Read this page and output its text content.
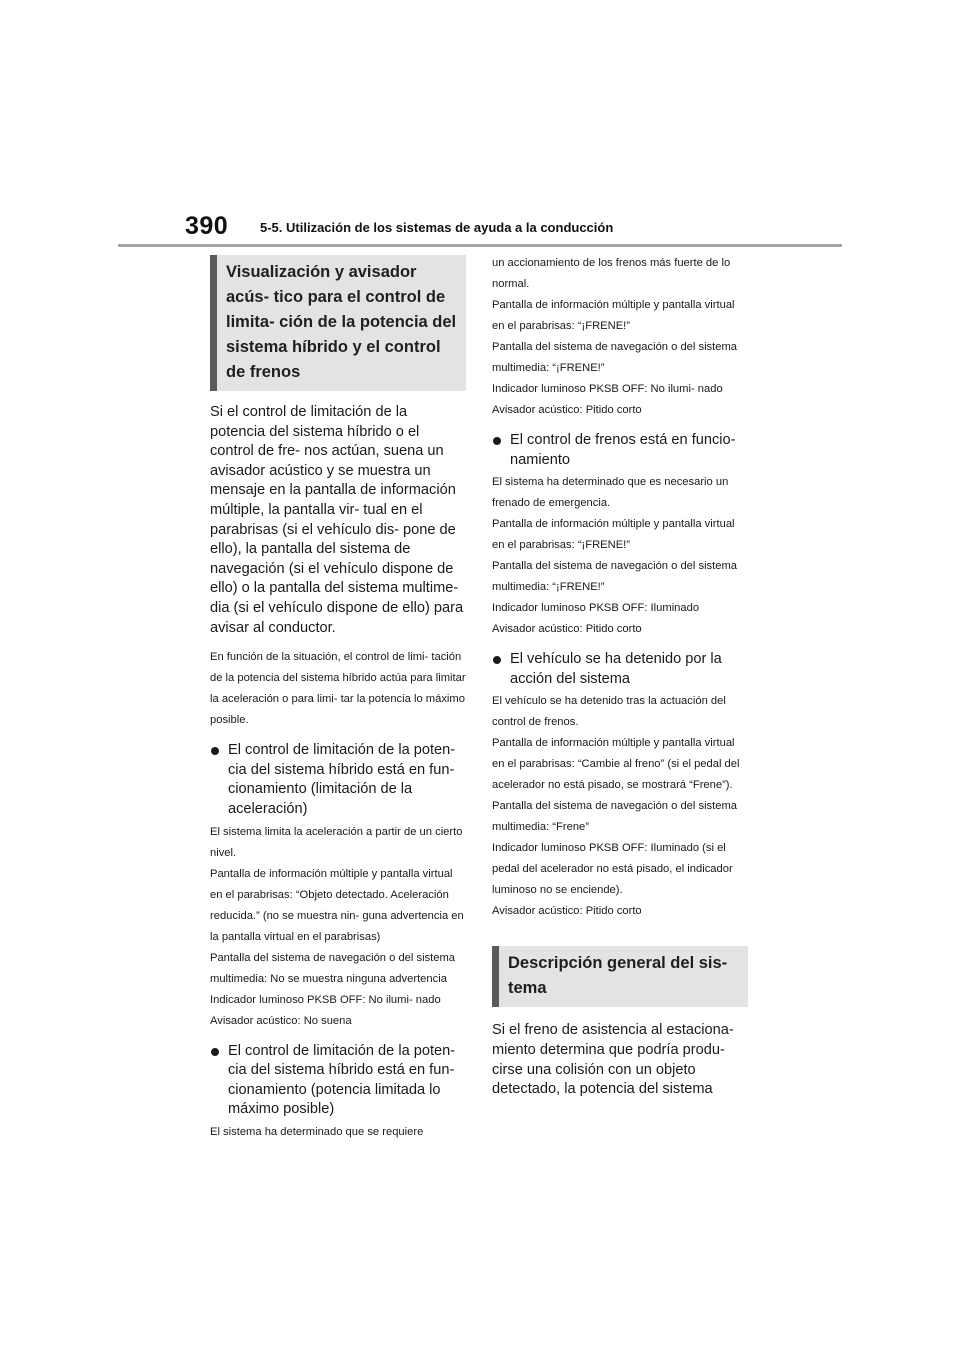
390 5-5. Utilización de los sistemas de ayuda a la conducción
Visualización y avisador acús- tico para el control de limita- ción de la potencia del sistema híbrido y el control de frenos

Si el control de limitación de la potencia del sistema híbrido o el control de fre- nos actúan, suena un avisador acústico y se muestra un mensaje en la pantalla de información múltiple, la pantalla vir- tual en el parabrisas (si el vehículo dis- pone de ello), la pantalla del sistema de navegación (si el vehículo dispone de ello) o la pantalla del sistema multime- dia (si el vehículo dispone de ello) para avisar al conductor.

En función de la situación, el control de limi- tación de la potencia del sistema híbrido actúa para limitar la aceleración o para limi- tar la potencia lo máximo posible.

El control de limitación de la poten- cia del sistema híbrido está en fun- cionamiento (limitación de la aceleración)

El sistema limita la aceleración a partir de un cierto nivel.

Pantalla de información múltiple y pantalla virtual en el parabrisas: “Objeto detectado. Aceleración reducida.” (no se muestra nin- guna advertencia en la pantalla virtual en el parabrisas)

Pantalla del sistema de navegación o del sistema multimedia: No se muestra ninguna advertencia

Indicador luminoso PKSB OFF: No ilumi- nado

Avisador acústico: No suena

El control de limitación de la poten- cia del sistema híbrido está en fun- cionamiento (potencia limitada lo máximo posible)

El sistema ha determinado que se requiere

un accionamiento de los frenos más fuerte de lo normal.

Pantalla de información múltiple y pantalla virtual en el parabrisas: “¡FRENE!”

Pantalla del sistema de navegación o del sistema multimedia: “¡FRENE!”

Indicador luminoso PKSB OFF: No ilumi- nado

Avisador acústico: Pitido corto

El control de frenos está en funcio- namiento

El sistema ha determinado que es necesario un frenado de emergencia.

Pantalla de información múltiple y pantalla virtual en el parabrisas: “¡FRENE!”

Pantalla del sistema de navegación o del sistema multimedia: “¡FRENE!”

Indicador luminoso PKSB OFF: Iluminado

Avisador acústico: Pitido corto

El vehículo se ha detenido por la acción del sistema

El vehículo se ha detenido tras la actuación del control de frenos.

Pantalla de información múltiple y pantalla virtual en el parabrisas: “Cambie al freno” (si el pedal del acelerador no está pisado, se mostrará “Frene”).

Pantalla del sistema de navegación o del sistema multimedia: “Frene”

Indicador luminoso PKSB OFF: Iluminado (si el pedal del acelerador no está pisado, el indicador luminoso no se enciende).

Avisador acústico: Pitido corto

Descripción general del sis- tema

Si el freno de asistencia al estaciona- miento determina que podría produ- cirse una colisión con un objeto detectado, la potencia del sistema
